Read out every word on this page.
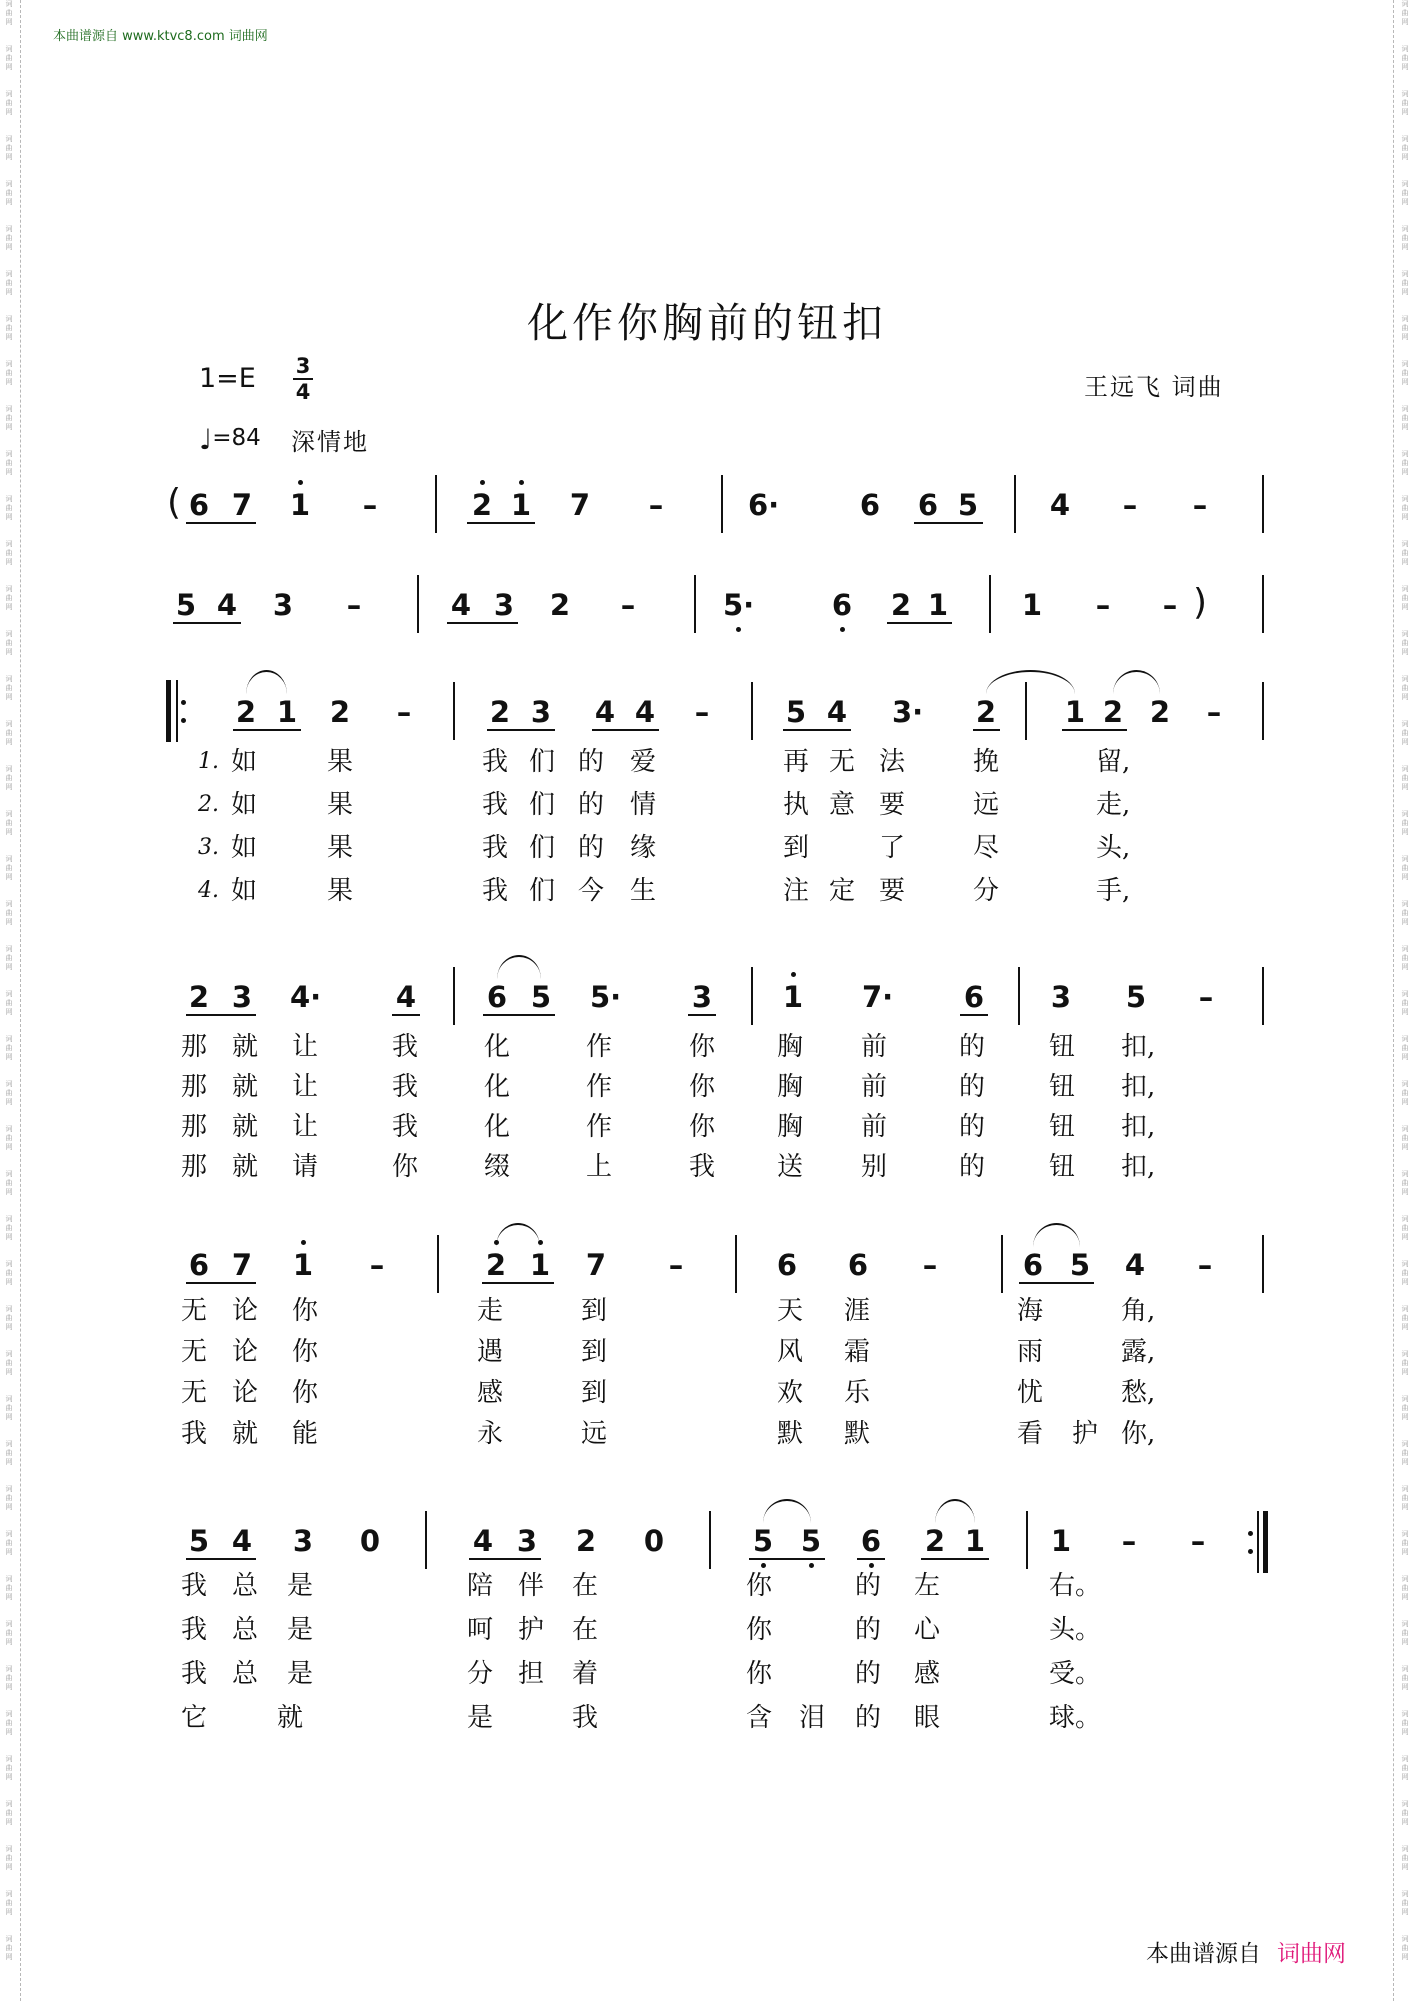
词
曲
网

词
曲
网

词
曲
网

词
曲
网

词
曲
网

词
曲
网

词
曲
网

词
曲
网

词
曲
网

词
曲
网

词
曲
网

词
曲
网

词
曲
网

词
曲
网

词
曲
网

词
曲
网

词
曲
网

词
曲
网

词
曲
网

词
曲
网

词
曲
网

词
曲
网

词
曲
网

词
曲
网

词
曲
网

词
曲
网

词
曲
网

词
曲
网

词
曲
网

词
曲
网

词
曲
网

词
曲
网

词
曲
网

词
曲
网

词
曲
网

词
曲
网

词
曲
网

词
曲
网

词
曲
网

词
曲
网

词
曲
网

词
曲
网

词
曲
网

词
曲
网

词
曲
网

词
曲
网

词
曲
网

词
曲
网

词
曲
网

词
曲
网

词
曲
网

词
曲
网

词
曲
网

词
曲
网

词
曲
网

词
曲
网

词
曲
网

词
曲
网

词
曲
网

词
曲
网

词
曲
网

词
曲
网

词
曲
网

词
曲
网

词
曲
网

词
曲
网

词
曲
网

词
曲
网

词
曲
网

词
曲
网

词
曲
网

词
曲
网

词
曲
网

词
曲
网

词
曲
网

词
曲
网

词
曲
网

词
曲
网

词
曲
网

词
曲
网

词
曲
网

词
曲
网

词
曲
网

词
曲
网

词
曲
网

词
曲
网

词
曲
网

词
曲
网

本曲谱源自 www.ktvc8.com 词曲网
化作你胸前的钮扣
1=E 3
4	王远飞 词曲
♩=84 深情地
6 7 1 –	2 1 7 –	6·	6 6 5 4 – –
(
5 4 3 –	4 3 2 –	5·	6 2 1	1 – – )
2 1 2 –	2 3 4 4 –	5 4 3· 2 1 2 2 –
2 3 4·	4 6 5 5· 3 1 7· 6 3 5 –
6 7 1 –	2 1 7 –	6 6 –	6 5 4 –
5 4 3 0	4 3 2 0	5 5 6 2 1 1 – –
1. 如	果	我 们 的 爱	再 无 法	挽	留,
2. 如	果	我 们 的 情	执 意 要	远	走,
3. 如	果	我 们 的 缘	到	了	尽	头,
4. 如	果	我 们 今 生	注 定 要	分	手,
那 就 让	我	化	作	你 胸 前	的 钮 扣,
那 就 让	我	化	作	你 胸 前	的 钮 扣,
那 就 让	我	化	作	你 胸 前	的 钮 扣,
那 就 请	你	缀	上	我 送 别	的 钮 扣,
无 论 你	走	到	天 涯	海	角,
无 论 你	遇	到	风 霜	雨	露,
无 论 你	感	到	欢 乐	忧	愁,
我 就 能	永	远	默 默	看 护 你,
我 总 是	陪 伴 在	你	的 左	右。
我 总 是	呵 护 在	你	的 心	头。
我 总 是	分 担 着	你	的 感	受。
它	就	是	我	含 泪 的 眼	球。
本曲谱源自 词曲网
